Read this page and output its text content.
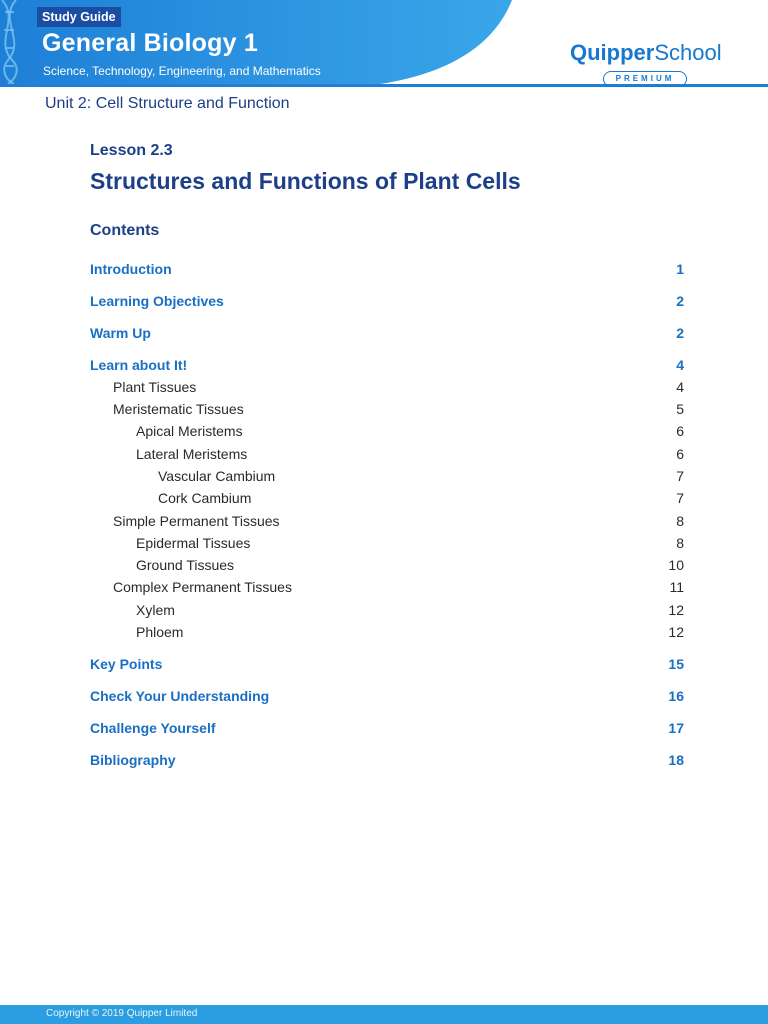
Study Guide
General Biology 1
Science, Technology, Engineering, and Mathematics
QuipperSchool
PREMIUM
Unit 2: Cell Structure and Function
Lesson 2.3
Structures and Functions of Plant Cells
Contents
Introduction	1
Learning Objectives	2
Warm Up	2
Learn about It!	4
Plant Tissues	4
Meristematic Tissues	5
Apical Meristems	6
Lateral Meristems	6
Vascular Cambium	7
Cork Cambium	7
Simple Permanent Tissues	8
Epidermal Tissues	8
Ground Tissues	10
Complex Permanent Tissues	11
Xylem	12
Phloem	12
Key Points	15
Check Your Understanding	16
Challenge Yourself	17
Bibliography	18
Copyright © 2019 Quipper Limited
